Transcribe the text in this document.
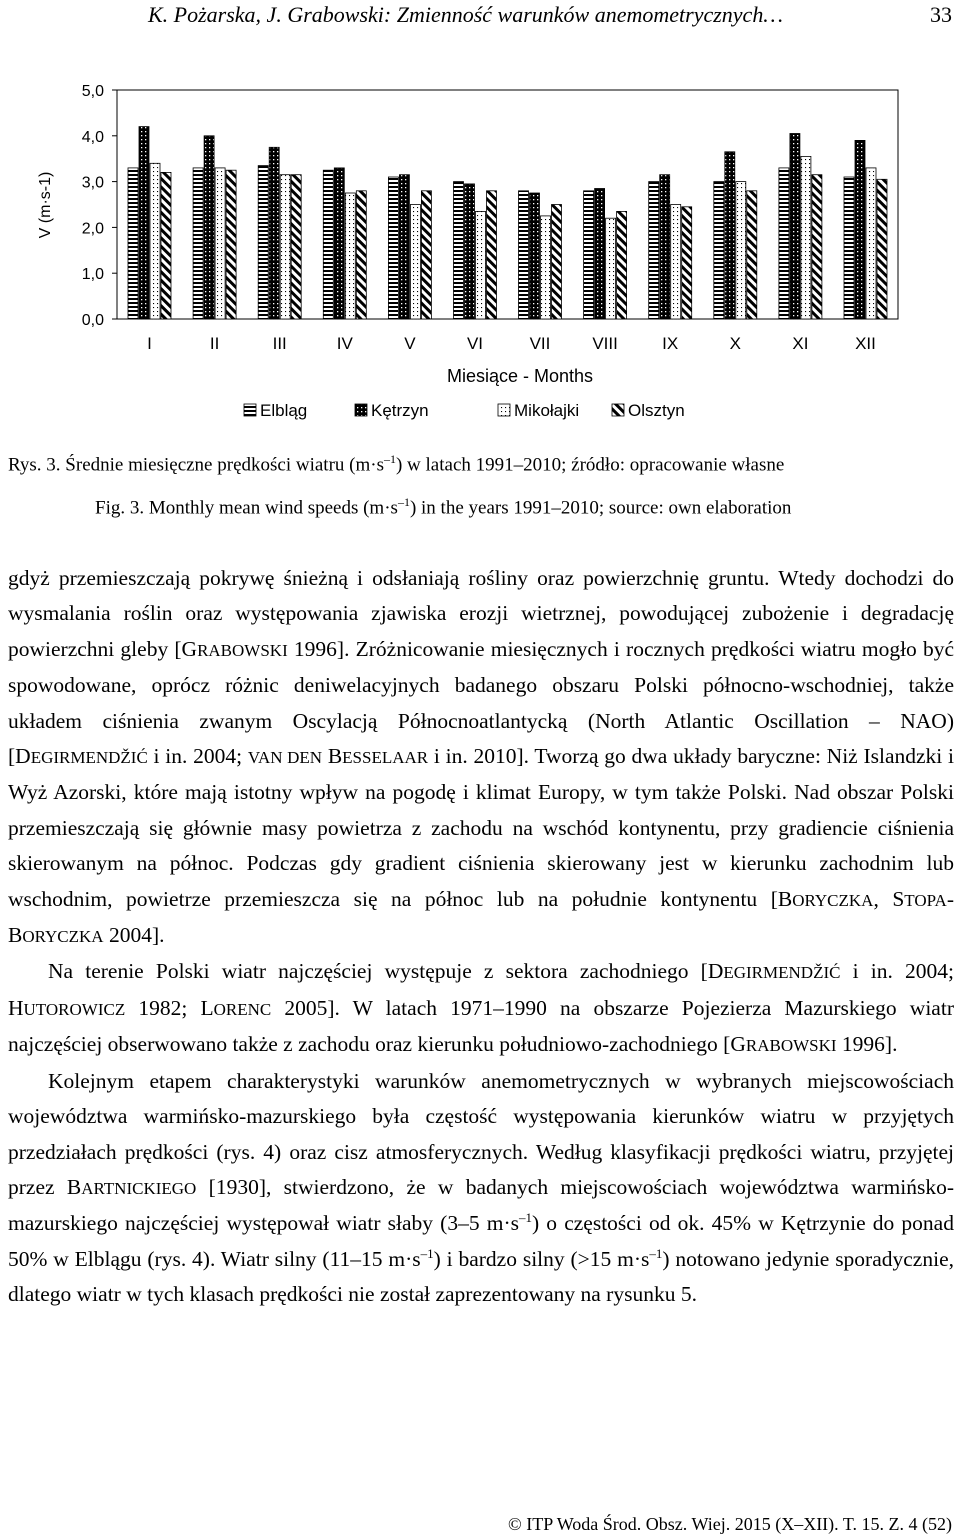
K. Pożarska, J. Grabowski: Zmienność warunków anemometrycznych…	33
0,0
1,0
2,0
3,0
4,0
5,0
I	II	III	IV	V	VI	VII VIII	IX	X	XI	XII
V (m·s-1)
Miesiące - Months
Elbląg	Kętrzyn	Mikołajki	Olsztyn
Rys. 3. Średnie miesięczne prędkości wiatru $(m\cdot s^{-1})$ w latach 1991–2010; źródło: opracowanie własne
Fig. 3. Monthly mean wind speeds $(m\cdot s^{-1})$ in the years 1991–2010; source: own elaboration

gdyż przemieszczają pokrywę śnieżną i odsłaniają rośliny oraz powierzchnię gruntu. Wtedy dochodzi do wysmalania roślin oraz występowania zjawiska erozji wietrznej, powodującej zubożenie i degradację powierzchni gleby [GRABOWSKI 1996]. Zróżnicowanie miesięcznych i rocznych prędkości wiatru mogło być spowodowane, oprócz różnic deniwelacyjnych badanego obszaru Polski północno-wschodniej, także układem ciśnienia zwanym Oscylacją Północnoatlantycką (North Atlantic Oscillation – NAO) [DEGIRMENDŽIĆ i in. 2004; VAN DEN BESSELAAR i in. 2010]. Tworzą go dwa układy baryczne: Niż Islandzki i Wyż Azorski, które mają istotny wpływ na pogodę i klimat Europy, w tym także Polski. Nad obszar Polski przemieszczają się głównie masy powietrza z zachodu na wschód kontynentu, przy gradiencie ciśnienia skierowanym na północ. Podczas gdy gradient ciśnienia skierowany jest w kierunku zachodnim lub wschodnim, powietrze przemieszcza się na północ lub na południe kontynentu [BORYCZKA, STOPA-BORYCZKA 2004].

Na terenie Polski wiatr najczęściej występuje z sektora zachodniego [DEGIRMENDŽIĆ i in. 2004; HUTOROWICZ 1982; LORENC 2005]. W latach 1971–1990 na obszarze Pojezierza Mazurskiego wiatr najczęściej obserwowano także z zachodu oraz kierunku południowo-zachodniego [GRABOWSKI 1996].

Kolejnym etapem charakterystyki warunków anemometrycznych w wybranych miejscowościach województwa warmińsko-mazurskiego była częstość występowania kierunków wiatru w przyjętych przedziałach prędkości (rys. 4) oraz cisz atmosferycznych. Według klasyfikacji prędkości wiatru, przyjętej przez BARTNICKIEGO [1930], stwierdzono, że w badanych miejscowościach województwa warmińsko-mazurskiego najczęściej występował wiatr słaby (3–5 $m\cdot s^{-1}$) o częstości od ok. 45% w Kętrzynie do ponad 50% w Elblągu (rys. 4). Wiatr silny (11–15 $m\cdot s^{-1}$) i bardzo silny (>15 $m\cdot s^{-1}$) notowano jedynie sporadycznie, dlatego wiatr w tych klasach prędkości nie został zaprezentowany na rysunku 5.

© ITP Woda Środ. Obsz. Wiej. 2015 (X–XII). T. 15. Z. 4 (52)
